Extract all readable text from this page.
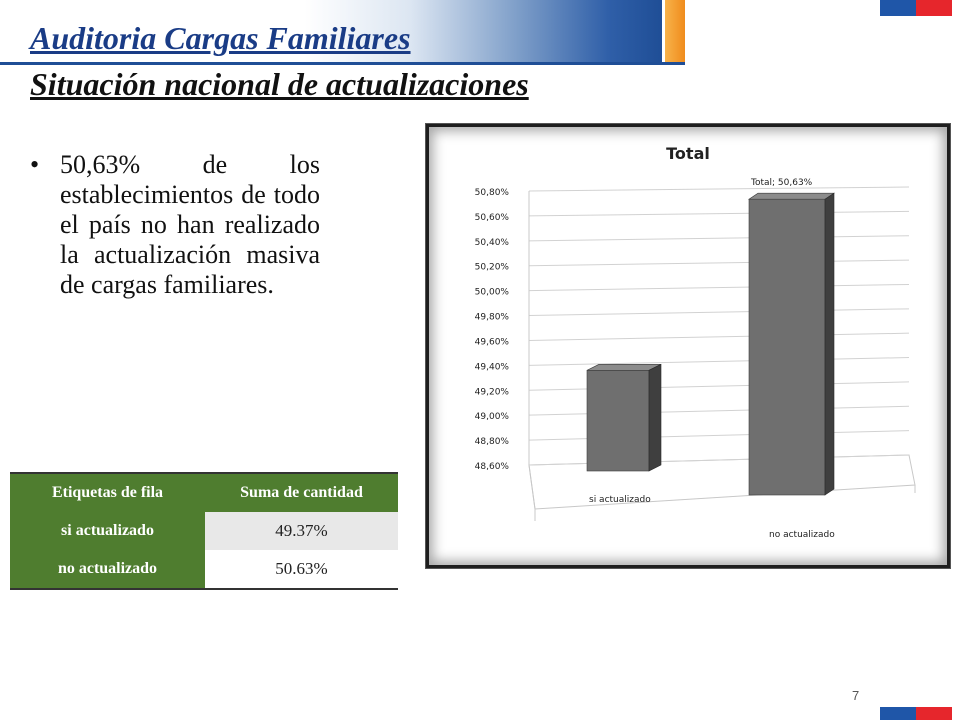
Auditoria Cargas Familiares
Situación nacional de actualizaciones
• 50,63% de los establecimientos de todo el país no han realizado la actualización masiva de cargas familiares.
Etiquetas de fila	Suma de cantidad
si actualizado	49.37%
no actualizado	50.63%
Total
48,60%
48,80%
49,00%
49,20%
49,40%
49,60%
49,80%
50,00%
50,20%
50,40%
50,60%
50,80%
si actualizado
no actualizado
Total; 50,63%
7
